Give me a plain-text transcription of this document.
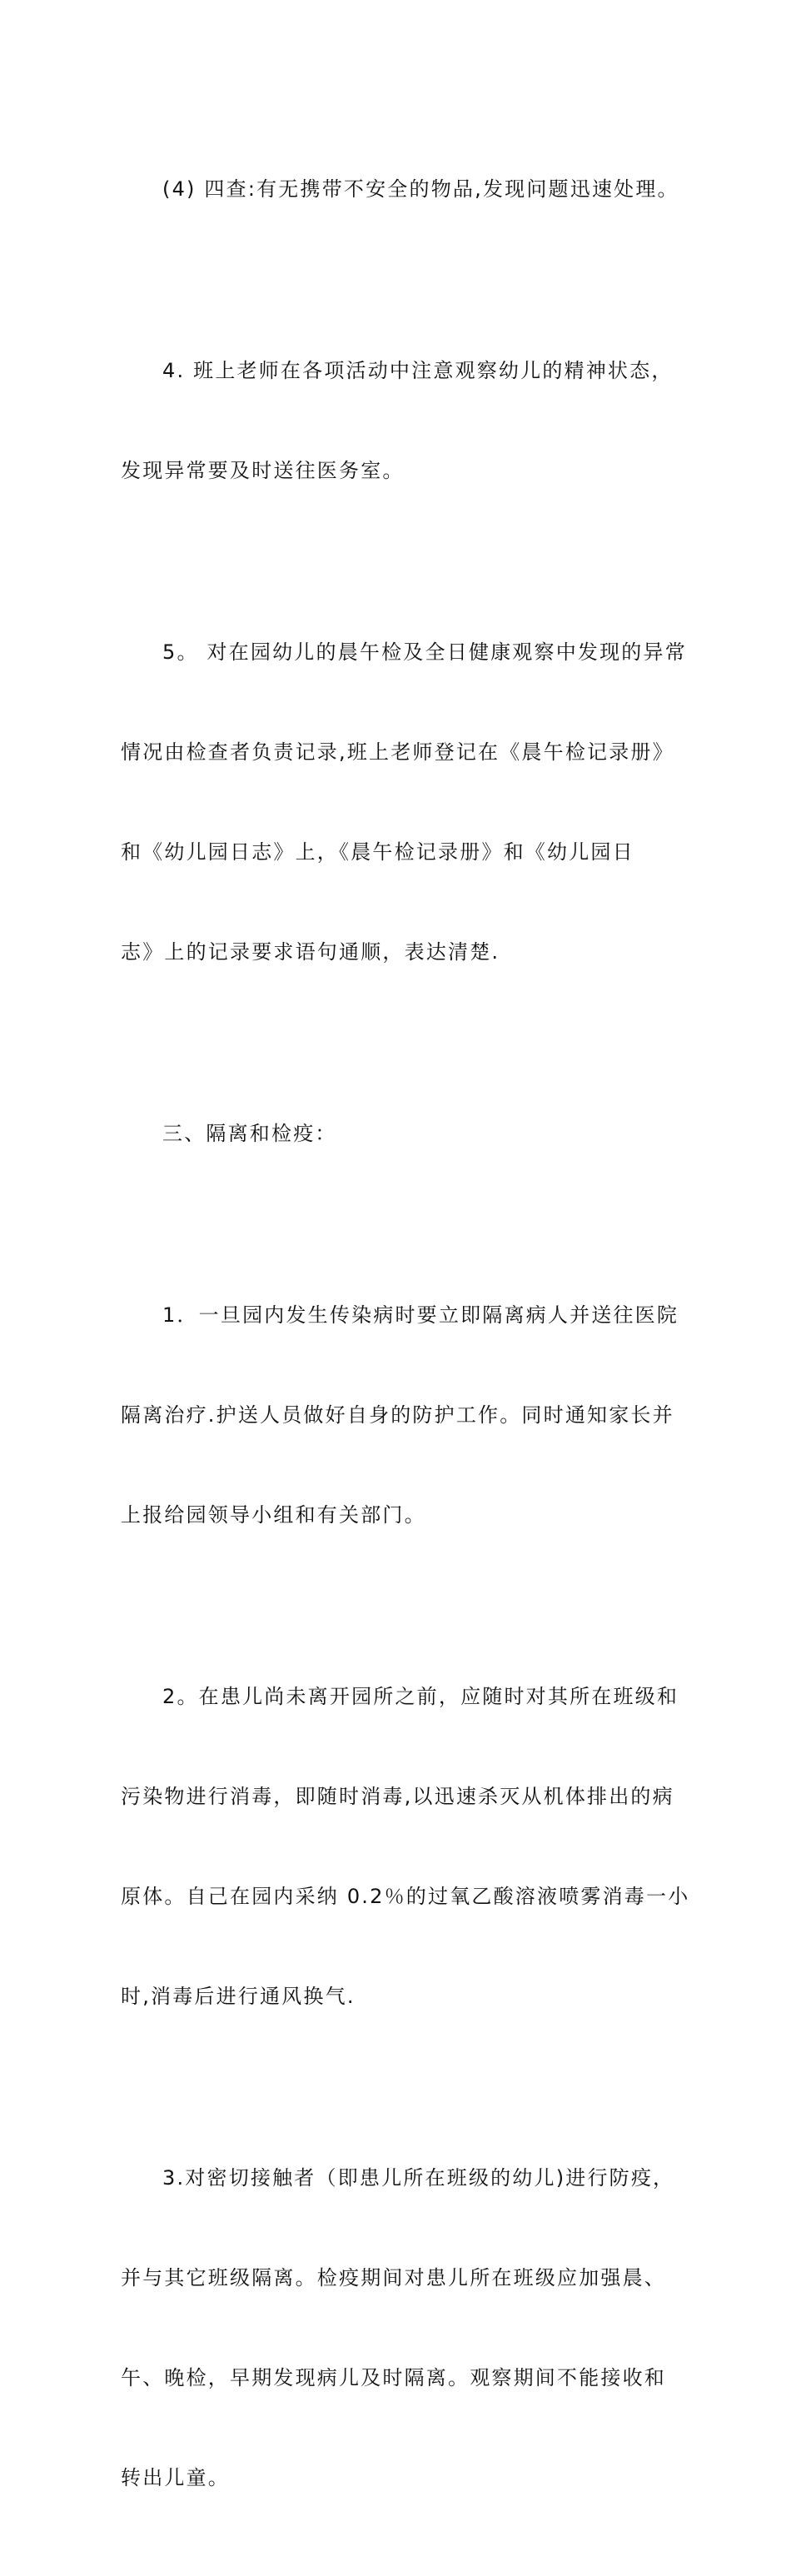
(4) 四查:有无携带不安全的物品,发现问题迅速处理。

4. 班上老师在各项活动中注意观察幼儿的精神状态，

发现异常要及时送往医务室。

5。 对在园幼儿的晨午检及全日健康观察中发现的异常

情况由检查者负责记录,班上老师登记在《晨午检记录册》

和《幼儿园日志》上，《晨午检记录册》和《幼儿园日

志》上的记录要求语句通顺，表达清楚.

三、隔离和检疫：

1．一旦园内发生传染病时要立即隔离病人并送往医院

隔离治疗.护送人员做好自身的防护工作。同时通知家长并

上报给园领导小组和有关部门。

2。在患儿尚未离开园所之前，应随时对其所在班级和

污染物进行消毒，即随时消毒,以迅速杀灭从机体排出的病

原体。自己在园内采纳 0.2％的过氧乙酸溶液喷雾消毒一小

时,消毒后进行通风换气.

3.对密切接触者（即患儿所在班级的幼儿)进行防疫，

并与其它班级隔离。检疫期间对患儿所在班级应加强晨、

午、晚检，早期发现病儿及时隔离。观察期间不能接收和

转出儿童。
